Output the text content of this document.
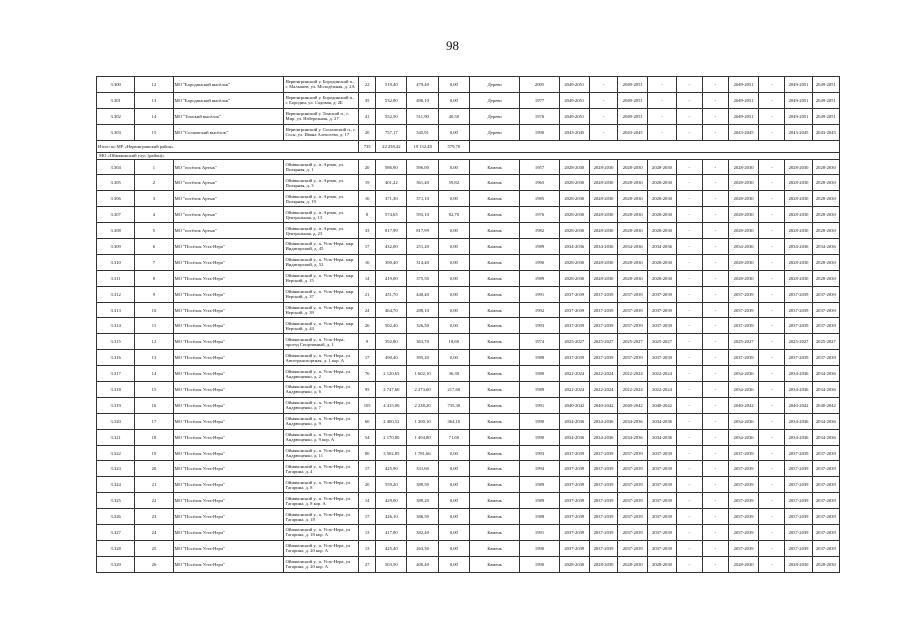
98
3.300	12	МО "Бородинский высёлок"	Нерюнгринский у. Бородинский п., г. Малышев, ул. Молодёжная, д. 2А	22	519,40	479,40	0,00	Дерево	2005	2049-2051	-	2049-2051	-	-	-	2049-2051	-	2049-2051	2049-2051
3.301	13	МО "Бородинский высёлок"	Нерюнгринский у. Бородинский п., г. Бородин, ул. Садовая, д. 2Б	35	532,80	490,10	0,00	Дерево	1977	2049-2051	-	2049-2051	-	-	-	2049-2051	-	2049-2051	2049-2051
3.302	14	МО "Томский высёлок"	Нерюнгринский у. Томский п., г. Мир, ул. Набережная, д. 27	41	552,50	511,90	40,50	Дерево	1976	2049-2051	-	2049-2051	-	-	-	2049-2051	-	2049-2051	2049-2051
3.303	15	МО "Сосновский высёлок"	Нерюнгринский у. Сосновский п., г. Сосн, ул. Ивана Алексеева, д. 17	20	757,17	345,91	0,00	Дерево	1990	2043-2045	-	2043-2045	-	-	-	2043-2045	-	2043-2045	2043-2045
Итого по МР «Нерюнгринский район»				735	22 258,42	19 132,48	579,70												
МО «Оймяконский улус (район)»																			
3.304	1	МО "посёлок Артык"	Оймяконский у., п. Артык, ул. Полярная, д. 1	20	586,90	596,00	0,00	Камень	1957	2028-2030	2028-2030	2028-2030	2028-2030	-	-	2028-2030	-	2028-2030	2028-2030
3.305	2	МО "посёлок Артык"	Оймяконский у., п. Артык, ул. Полярная, д. 3	19	401,22	361,40	59,82	Камень	1965	2028-2030	2028-2030	2028-2030	2028-2030	-	-	2028-2030	-	2028-2030	2028-2030
3.306	3	МО "посёлок Артык"	Оймяконский у., п. Артык, ул. Полярная, д. 19	16	371,30	371,10	0,00	Камень	1985	2028-2030	2028-2030	2028-2030	2028-2030	-	-	2028-2030	-	2028-2030	2028-2030
3.307	4	МО "посёлок Артык"	Оймяконский у., п. Артык, ул. Центральная, д. 13	8	574,65	593,10	82,70	Камень	1976	2028-2030	2028-2030	2028-2030	2028-2030	-	-	2028-2030	-	2028-2030	2028-2030
3.308	5	МО "посёлок Артык"	Оймяконский у., п. Артык, ул. Центральная, д. 23	33	817,99	817,99	0,00	Камень	1982	2028-2030	2028-2030	2028-2030	2028-2030	-	-	2028-2030	-	2028-2030	2028-2030
3.309	6	МО "Посёлок Усть-Нера"	Оймяконский у., п. Усть-Нера, мкр. Индигирский, д. 45	17	432,00	251,20	0,00	Камень	1989	2034-2036	2034-2036	2034-2036	2034-2036	-	-	2034-2036	-	2034-2036	2034-2036
3.310	7	МО "Посёлок Усть-Нера"	Оймяконский у., п. Усть-Нера, мкр. Индигирский, д. 52	16	390,40	314,40	0,00	Камень	1990	2028-2030	2028-2030	2028-2030	2028-2030	-	-	2028-2030	-	2028-2030	2028-2030
3.311	8	МО "Посёлок Усть-Нера"	Оймяконский у., п. Усть-Нера, мкр. Нерский, д. 15	14	419,00	375,50	0,00	Камень	1989	2028-2030	2028-2030	2028-2030	2028-2030	-	-	2028-2030	-	2028-2030	2028-2030
3.312	9	МО "Посёлок Усть-Нера"	Оймяконский у., п. Усть-Нера, мкр. Нерский, д. 37	21	451,70	440,40	0,00	Камень	1991	2037-2039	2037-2039	2037-2039	2037-2039	-	-	2037-2039	-	2037-2039	2037-2039
3.313	10	МО "Посёлок Усть-Нера"	Оймяконский у., п. Усть-Нера, мкр. Нерский, д. 39	24	464,70	288,10	0,00	Камень	1992	2037-2039	2037-2039	2037-2039	2037-2039	-	-	2037-2039	-	2037-2039	2037-2039
3.314	11	МО "Посёлок Усть-Нера"	Оймяконский у., п. Усть-Нера, мкр. Нерский, д. 44	26	502,40	326,50	0,00	Камень	1993	2037-2039	2037-2039	2037-2039	2037-2039	-	-	2037-2039	-	2037-2039	2037-2039
3.315	12	МО "Посёлок Усть-Нера"	Оймяконский у., п. Усть-Нера, проезд Спортивный, д. 1	9	392,80	363,70	18,60	Камень	1974	2025-2027	2025-2027	2025-2027	2025-2027	-	-	2025-2027	-	2025-2027	2025-2027
3.316	13	МО "Посёлок Усть-Нера"	Оймяконский у., п. Усть-Нера, ул. Автотранспортная, д. 1 кор. А	17	490,40	395,20	0,00	Камень	1988	2037-2039	2037-2039	2037-2039	2037-2039	-	-	2037-2039	-	2037-2039	2037-2039
3.317	14	МО "Посёлок Усть-Нера"	Оймяконский у., п. Усть-Нера, ул. Андрющенко, д. 2	76	2 120,65	1 602,10	36,30	Камень	1980	2022-2024	2022-2024	2022-2024	2022-2024	-	-	2034-2036	-	2034-2036	2034-2036
3.318	15	МО "Посёлок Усть-Нера"	Оймяконский у., п. Усть-Нера, ул. Андрющенко, д. 6	95	2 747,60	2 273,60	217,60	Камень	1989	2022-2024	2022-2024	2022-2024	2022-2024	-	-	2034-2036	-	2034-2036	2034-2036
3.319	16	МО "Посёлок Усть-Нера"	Оймяконский у., п. Усть-Нера, ул. Андрющенко, д. 7	105	4 415,00	2 238,20	735,30	Камень	1991	2040-2042	2040-2042	2040-2042	2040-2042	-	-	2040-2042	-	2040-2042	2040-2042
3.320	17	МО "Посёлок Усть-Нера"	Оймяконский у., п. Усть-Нера, ул. Андрющенко, д. 9	60	2 400,52	1 200,10	364,10	Камень	1990	2034-2036	2034-2036	2034-2036	2034-2036	-	-	2034-2036	-	2034-2036	2034-2036
3.321	18	МО "Посёлок Усть-Нера"	Оймяконский у., п. Усть-Нера, ул. Андрющенко, д. 9 кор. А	54	2 170,80	1 494,80	71,60	Камень	1990	2034-2036	2034-2036	2034-2036	2034-2036	-	-	2034-2036	-	2034-2036	2034-2036
3.322	19	МО "Посёлок Усть-Нера"	Оймяконский у., п. Усть-Нера, ул. Андрющенко, д. 11	80	3 502,85	1 781,66	0,00	Камень	1993	2037-2039	2037-2039	2037-2039	2037-2039	-	-	2037-2039	-	2037-2039	2037-2039
3.323	20	МО "Посёлок Усть-Нера"	Оймяконский у., п. Усть-Нера, ул. Гагарина, д. 4	17	425,90	331,60	0,00	Камень	1994	2037-2039	2037-2039	2037-2039	2037-2039	-	-	2037-2039	-	2037-2039	2037-2039
3.324	21	МО "Посёлок Усть-Нера"	Оймяконский у., п. Усть-Нера, ул. Гагарина, д. 8	20	559,20	389,50	0,00	Камень	1989	2037-2039	2037-2039	2037-2039	2037-2039	-	-	2037-2039	-	2037-2039	2037-2039
3.325	22	МО "Посёлок Усть-Нера"	Оймяконский у., п. Усть-Нера, ул. Гагарина, д. 8 кор. А	14	429,00	389,20	0,00	Камень	1989	2037-2039	2037-2039	2037-2039	2037-2039	-	-	2037-2039	-	2037-2039	2037-2039
3.326	23	МО "Посёлок Усть-Нера"	Оймяконский у., п. Усть-Нера, ул. Гагарина, д. 18	17	426,10	386,50	0,00	Камень	1988	2037-2039	2037-2039	2037-2039	2037-2039	-	-	2037-2039	-	2037-2039	2037-2039
3.327	24	МО "Посёлок Усть-Нера"	Оймяконский у., п. Усть-Нера, ул. Гагарина, д. 18 кор. А	13	417,80	382,40	0,00	Камень	1991	2037-2039	2037-2039	2037-2039	2037-2039	-	-	2037-2039	-	2037-2039	2037-2039
3.328	25	МО "Посёлок Усть-Нера"	Оймяконский у., п. Усть-Нера, ул. Гагарина, д. 20 кор. А	13	425,40	263,30	0,00	Камень	1990	2037-2039	2037-2039	2037-2039	2037-2039	-	-	2037-2039	-	2037-2039	2037-2039
3.329	26	МО "Посёлок Усть-Нера"	Оймяконский у., п. Усть-Нера, ул. Гагарина, д. 20 кор. А	27	503,50	400,40	0,00	Камень	1990	2028-2030	2028-2030	2028-2030	2028-2030	-	-	2028-2030	-	2028-2030	2028-2030
